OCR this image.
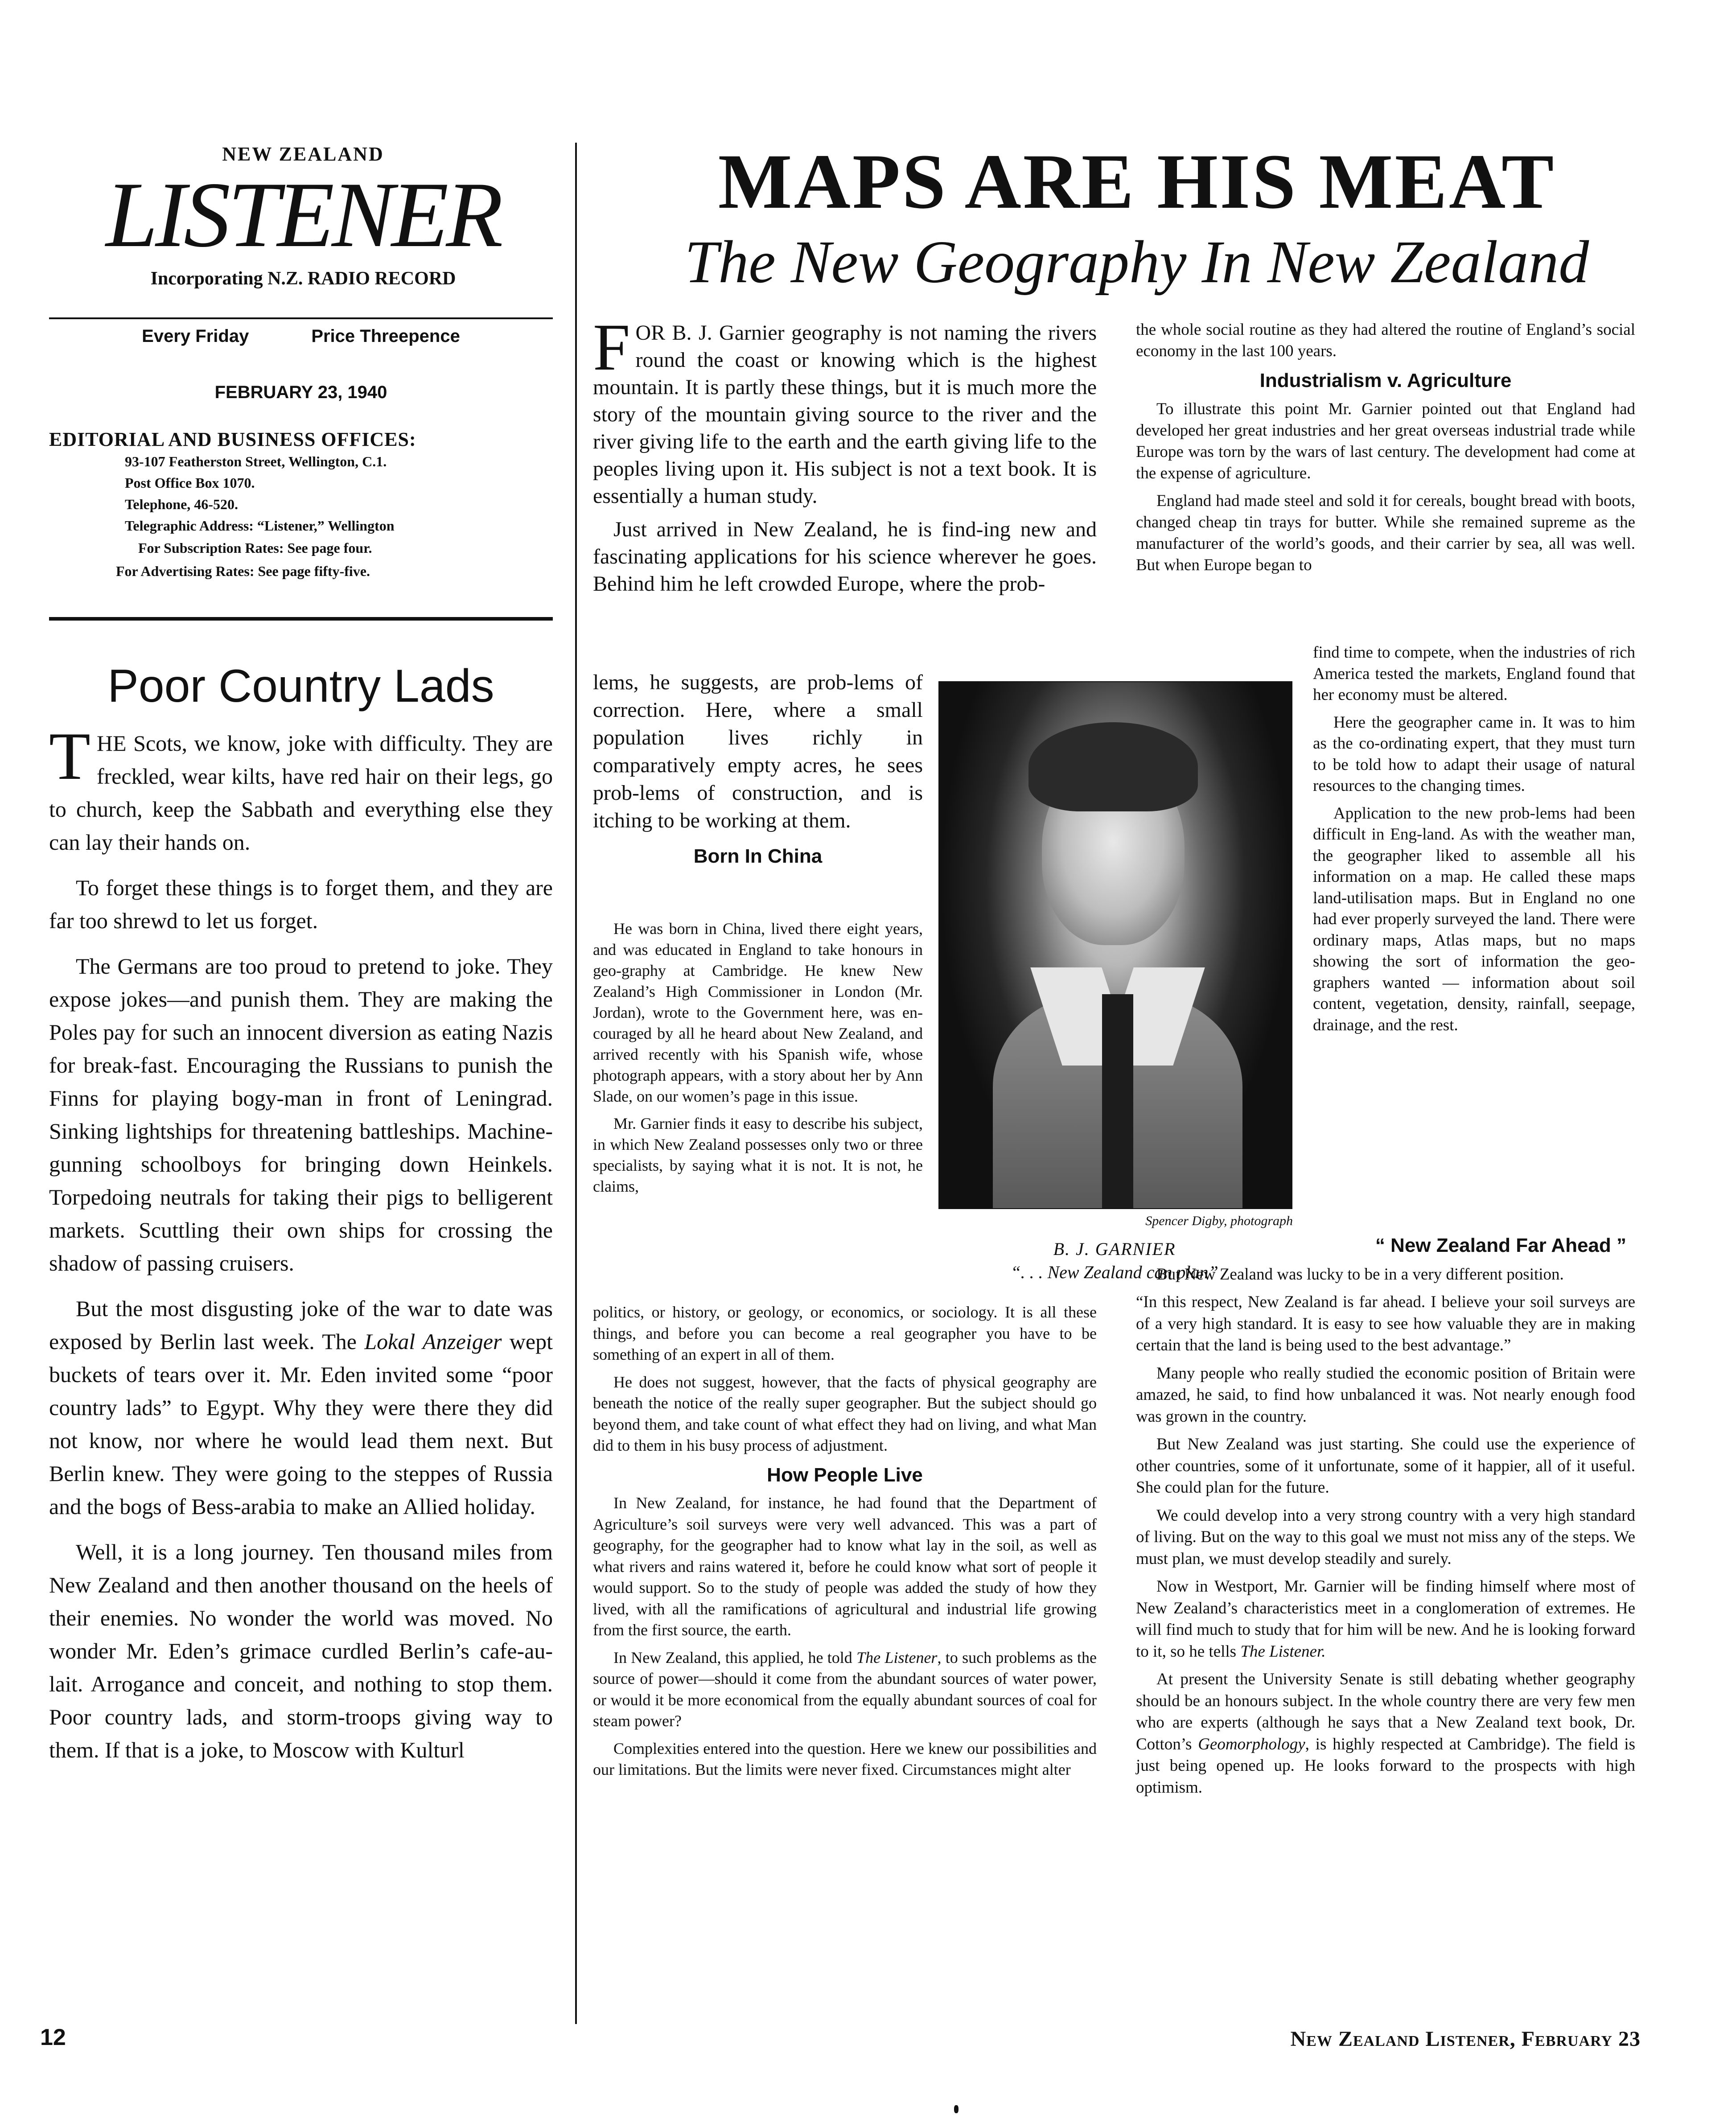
NEW ZEALAND
LISTENER
Incorporating N.Z. RADIO RECORD
Every Friday	Price Threepence
FEBRUARY 23, 1940
EDITORIAL AND BUSINESS OFFICES:
93-107 Featherston Street, Wellington, C.1.
Post Office Box 1070.
Telephone, 46-520.
Telegraphic Address: “Listener,” Wellington
For Subscription Rates: See page four.
For Advertising Rates: See page fifty-five.
Poor Country Lads

THE Scots, we know, joke with difficulty. They are freckled, wear kilts, have red hair on their legs, go to church, keep the Sabbath and everything else they can lay their hands on.

To forget these things is to forget them, and they are far too shrewd to let us forget.

The Germans are too proud to pretend to joke. They expose jokes—and punish them. They are making the Poles pay for such an innocent diversion as eating Nazis for break-fast. Encouraging the Russians to punish the Finns for playing bogy-man in front of Leningrad. Sinking lightships for threatening battleships. Machine-gunning schoolboys for bringing down Heinkels. Torpedoing neutrals for taking their pigs to belligerent markets. Scuttling their own ships for crossing the shadow of passing cruisers.

But the most disgusting joke of the war to date was exposed by Berlin last week. The Lokal Anzeiger wept buckets of tears over it. Mr. Eden invited some “poor country lads” to Egypt. Why they were there they did not know, nor where he would lead them next. But Berlin knew. They were going to the steppes of Russia and the bogs of Bess-arabia to make an Allied holiday.

Well, it is a long journey. Ten thousand miles from New Zealand and then another thousand on the heels of their enemies. No wonder the world was moved. No wonder Mr. Eden’s grimace curdled Berlin’s cafe-au-lait. Arrogance and conceit, and nothing to stop them. Poor country lads, and storm-troops giving way to them. If that is a joke, to Moscow with Kulturl

MAPS ARE HIS MEAT
The New Geography In New Zealand

FOR B. J. Garnier geography is not naming the rivers round the coast or knowing which is the highest mountain. It is partly these things, but it is much more the story of the mountain giving source to the river and the river giving life to the earth and the earth giving life to the peoples living upon it. His subject is not a text book. It is essentially a human study.

Just arrived in New Zealand, he is find-ing new and fascinating applications for his science wherever he goes. Behind him he left crowded Europe, where the prob-

lems, he suggests, are prob-lems of correction. Here, where a small population lives richly in comparatively empty acres, he sees prob-lems of construction, and is itching to be working at them.

Born In China

He was born in China, lived there eight years, and was educated in England to take honours in geo-graphy at Cambridge. He knew New Zealand’s High Commissioner in London (Mr. Jordan), wrote to the Government here, was en-couraged by all he heard about New Zealand, and arrived recently with his Spanish wife, whose photograph appears, with a story about her by Ann Slade, on our women’s page in this issue.

Mr. Garnier finds it easy to describe his subject, in which New Zealand possesses only two or three specialists, by saying what it is not. It is not, he claims,

politics, or history, or geology, or economics, or sociology. It is all these things, and before you can become a real geographer you have to be something of an expert in all of them.

He does not suggest, however, that the facts of physical geography are beneath the notice of the really super geographer. But the subject should go beyond them, and take count of what effect they had on living, and what Man did to them in his busy process of adjustment.

How People Live

In New Zealand, for instance, he had found that the Department of Agriculture’s soil surveys were very well advanced. This was a part of geography, for the geographer had to know what lay in the soil, as well as what rivers and rains watered it, before he could know what sort of people it would support. So to the study of people was added the study of how they lived, with all the ramifications of agricultural and industrial life growing from the first source, the earth.

In New Zealand, this applied, he told The Listener, to such problems as the source of power—should it come from the abundant sources of water power, or would it be more economical from the equally abundant sources of coal for steam power?

Complexities entered into the question. Here we knew our possibilities and our limitations. But the limits were never fixed. Circumstances might alter

Spencer Digby, photograph
B. J. GARNIER
“. . . New Zealand can plan”

the whole social routine as they had altered the routine of England’s social economy in the last 100 years.

Industrialism v. Agriculture

To illustrate this point Mr. Garnier pointed out that England had developed her great industries and her great overseas industrial trade while Europe was torn by the wars of last century. The development had come at the expense of agriculture.

England had made steel and sold it for cereals, bought bread with boots, changed cheap tin trays for butter. While she remained supreme as the manufacturer of the world’s goods, and their carrier by sea, all was well. But when Europe began to

find time to compete, when the industries of rich America tested the markets, England found that her economy must be altered.

Here the geographer came in. It was to him as the co-ordinating expert, that they must turn to be told how to adapt their usage of natural resources to the changing times.

Application to the new prob-lems had been difficult in Eng-land. As with the weather man, the geographer liked to assemble all his information on a map. He called these maps land-utilisation maps. But in England no one had ever properly surveyed the land. There were ordinary maps, Atlas maps, but no maps showing the sort of information the geo-graphers wanted — information about soil content, vegetation, density, rainfall, seepage, drainage, and the rest.

“ New Zealand Far Ahead ”

But New Zealand was lucky to be in a very different position.

“In this respect, New Zealand is far ahead. I believe your soil surveys are of a very high standard. It is easy to see how valuable they are in making certain that the land is being used to the best advantage.”

Many people who really studied the economic position of Britain were amazed, he said, to find how unbalanced it was. Not nearly enough food was grown in the country.

But New Zealand was just starting. She could use the experience of other countries, some of it unfortunate, some of it happier, all of it useful. She could plan for the future.

We could develop into a very strong country with a very high standard of living. But on the way to this goal we must not miss any of the steps. We must plan, we must develop steadily and surely.

Now in Westport, Mr. Garnier will be finding himself where most of New Zealand’s characteristics meet in a conglomeration of extremes. He will find much to study that for him will be new. And he is looking forward to it, so he tells The Listener.

At present the University Senate is still debating whether geography should be an honours subject. In the whole country there are very few men who are experts (although he says that a New Zealand text book, Dr. Cotton’s Geomorphology, is highly respected at Cambridge). The field is just being opened up. He looks forward to the prospects with high optimism.

12	New Zealand Listener, February 23
